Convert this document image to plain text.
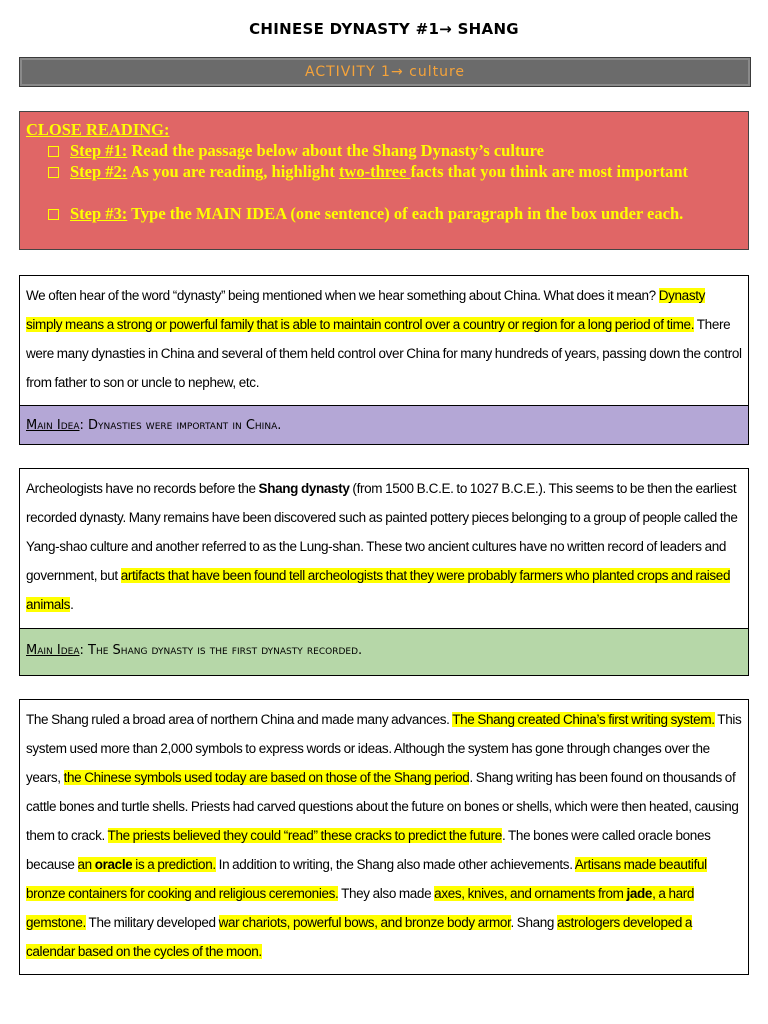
CHINESE DYNASTY #1→ SHANG
ACTIVITY 1→ culture
CLOSE READING:
Step #1: Read the passage below about the Shang Dynasty’s culture
Step #2: As you are reading, highlight two-three facts that you think are most important
Step #3: Type the MAIN IDEA (one sentence) of each paragraph in the box under each.
We often hear of the word “dynasty” being mentioned when we hear something about China. What does it mean? Dynasty simply means a strong or powerful family that is able to maintain control over a country or region for a long period of time. There were many dynasties in China and several of them held control over China for many hundreds of years, passing down the control from father to son or uncle to nephew, etc.
Main Idea: Dynasties were important in China.
Archeologists have no records before the Shang dynasty (from 1500 B.C.E. to 1027 B.C.E.). This seems to be then the earliest recorded dynasty. Many remains have been discovered such as painted pottery pieces belonging to a group of people called the Yang-shao culture and another referred to as the Lung-shan. These two ancient cultures have no written record of leaders and government, but artifacts that have been found tell archeologists that they were probably farmers who planted crops and raised animals.
Main Idea: The Shang dynasty is the first dynasty recorded.
The Shang ruled a broad area of northern China and made many advances. The Shang created China’s first writing system. This system used more than 2,000 symbols to express words or ideas. Although the system has gone through changes over the years, the Chinese symbols used today are based on those of the Shang period. Shang writing has been found on thousands of cattle bones and turtle shells. Priests had carved questions about the future on bones or shells, which were then heated, causing them to crack. The priests believed they could “read” these cracks to predict the future. The bones were called oracle bones because an oracle is a prediction. In addition to writing, the Shang also made other achievements. Artisans made beautiful bronze containers for cooking and religious ceremonies. They also made axes, knives, and ornaments from jade, a hard gemstone. The military developed war chariots, powerful bows, and bronze body armor. Shang astrologers developed a calendar based on the cycles of the moon.
